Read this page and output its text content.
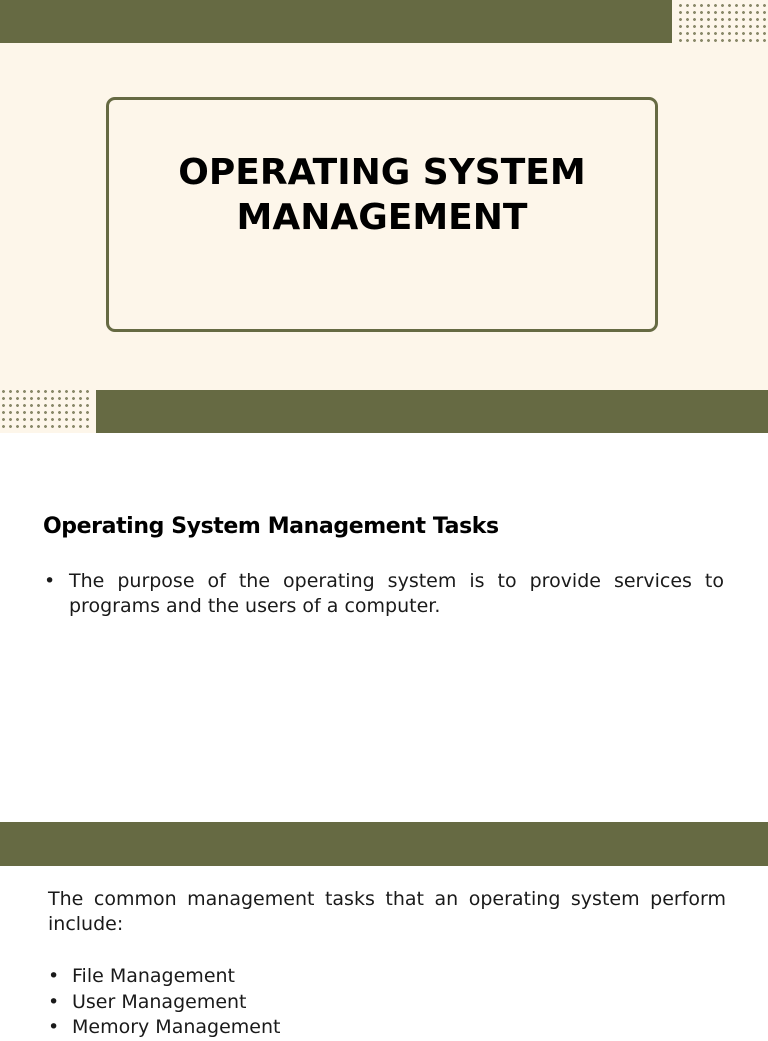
OPERATING SYSTEM
MANAGEMENT
Operating System Management Tasks
• The purpose of the operating system is to provide services to programs and the users of a computer.
The common management tasks that an operating system perform include:
• File Management
• User Management
• Memory Management
